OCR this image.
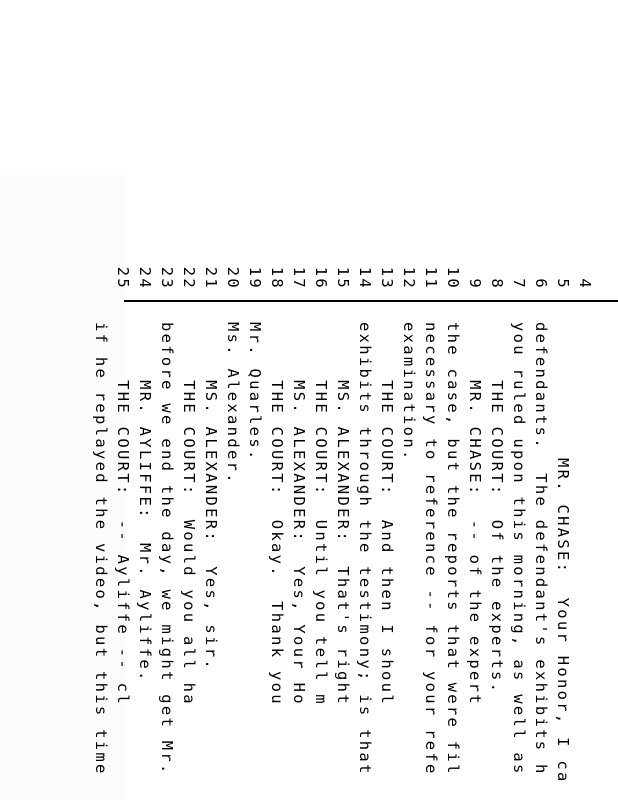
4

MR. CHASE:  Your Honor, I ca

5

defendants.  The defendant's exhibits h

6

you ruled upon this morning, as well as

7

THE COURT:  Of the experts.

8

MR. CHASE:  -- of the expert

9

the case, but the reports that were fil

10

necessary to reference -- for your refe

11

examination.

12

THE COURT:  And then I shoul

13

exhibits through the testimony; is that

14

MS. ALEXANDER:  That's right

15

THE COURT:  Until you tell m

16

MS. ALEXANDER:  Yes, Your Ho

17

THE COURT:  Okay.  Thank you

18

Mr. Quarles.

19

Ms. Alexander.

20

MS. ALEXANDER:  Yes, sir.

21

THE COURT:  Would you all ha

22

before we end the day, we might get Mr.

23

MR. AYLIFFE:  Mr. Ayliffe.

24

THE COURT:  -- Ayliffe -- cl

25

if he replayed the video, but this time
